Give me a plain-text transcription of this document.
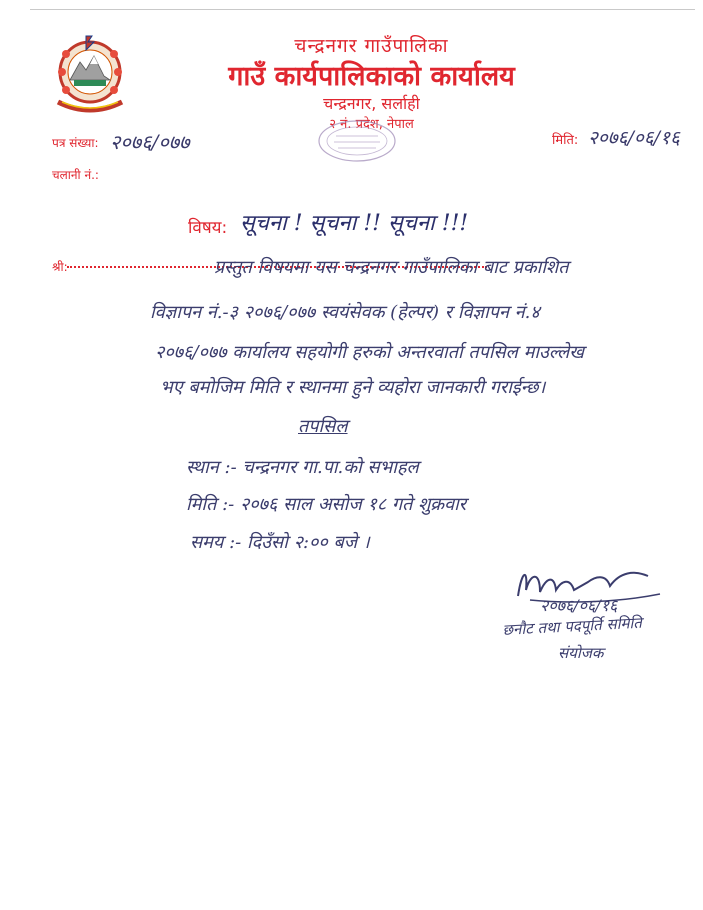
चन्द्रनगर गाउँपालिका
गाउँ कार्यपालिकाको कार्यालय
चन्द्रनगर, सर्लाही
२ नं. प्रदेश, नेपाल
पत्र संख्या: २०७६/०७७
चलानी नं.:
मिति: २०७६/०६/१६
विषय: सूचना ! सूचना !! सूचना !!!
श्री:	प्रस्तुत विषयमा यस चन्द्रनगर गाउँपालिका बाट प्रकाशित
विज्ञापन नं.-३ २०७६/०७७ स्वयंसेवक (हेल्पर) र विज्ञापन नं.४
२०७६/०७७ कार्यालय सहयोगी हरुको अन्तरवार्ता तपसिल माउल्लेख
भए बमोजिम मिति र स्थानमा हुने व्यहोरा जानकारी गराईन्छ।
तपसिल
स्थान :- चन्द्रनगर गा.पा.को सभाहल
मिति :- २०७६ साल असोज १८ गते शुक्रवार
समय :- दिउँसो २:०० बजे ।
२०७६/०६/१६
छनौट तथा पदपूर्ति समिति
संयोजक
